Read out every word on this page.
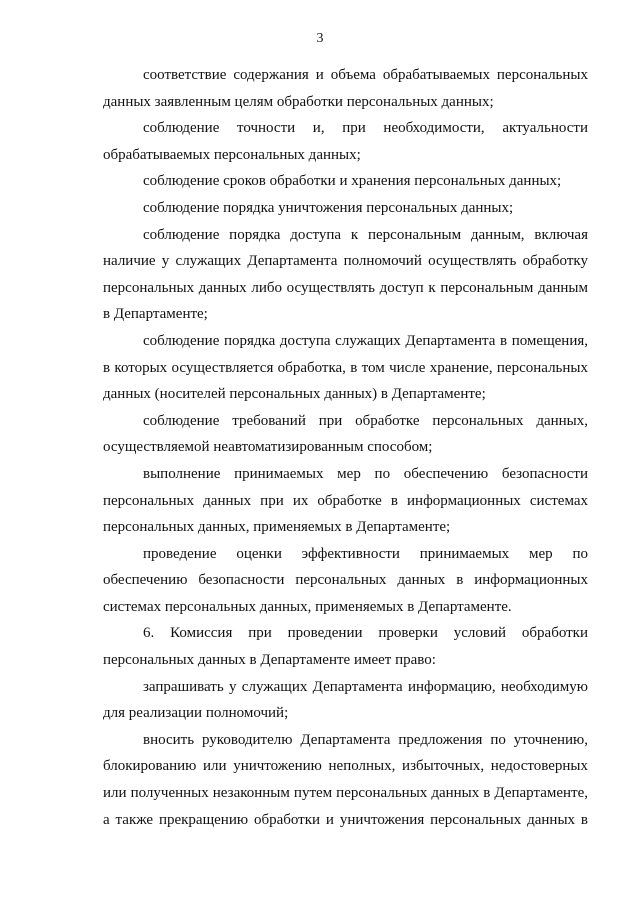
3

соответствие содержания и объема обрабатываемых персональных данных заявленным целям обработки персональных данных;

соблюдение точности и, при необходимости, актуальности обрабатываемых персональных данных;

соблюдение сроков обработки и хранения персональных данных;

соблюдение порядка уничтожения персональных данных;

соблюдение порядка доступа к персональным данным, включая наличие у служащих Департамента полномочий осуществлять обработку персональных данных либо осуществлять доступ к персональным данным в Департаменте;

соблюдение порядка доступа служащих Департамента в помещения, в которых осуществляется обработка, в том числе хранение, персональных данных (носителей персональных данных) в Департаменте;

соблюдение требований при обработке персональных данных, осуществляемой неавтоматизированным способом;

выполнение принимаемых мер по обеспечению безопасности персональных данных при их обработке в информационных системах персональных данных, применяемых в Департаменте;

проведение оценки эффективности принимаемых мер по обеспечению безопасности персональных данных в информационных системах персональных данных, применяемых в Департаменте.

6. Комиссия при проведении проверки условий обработки персональных данных в Департаменте имеет право:

запрашивать у служащих Департамента информацию, необходимую для реализации полномочий;

вносить руководителю Департамента предложения по уточнению, блокированию или уничтожению неполных, избыточных, недостоверных или полученных незаконным путем персональных данных в Департаменте, а также прекращению обработки и уничтожения персональных данных в
